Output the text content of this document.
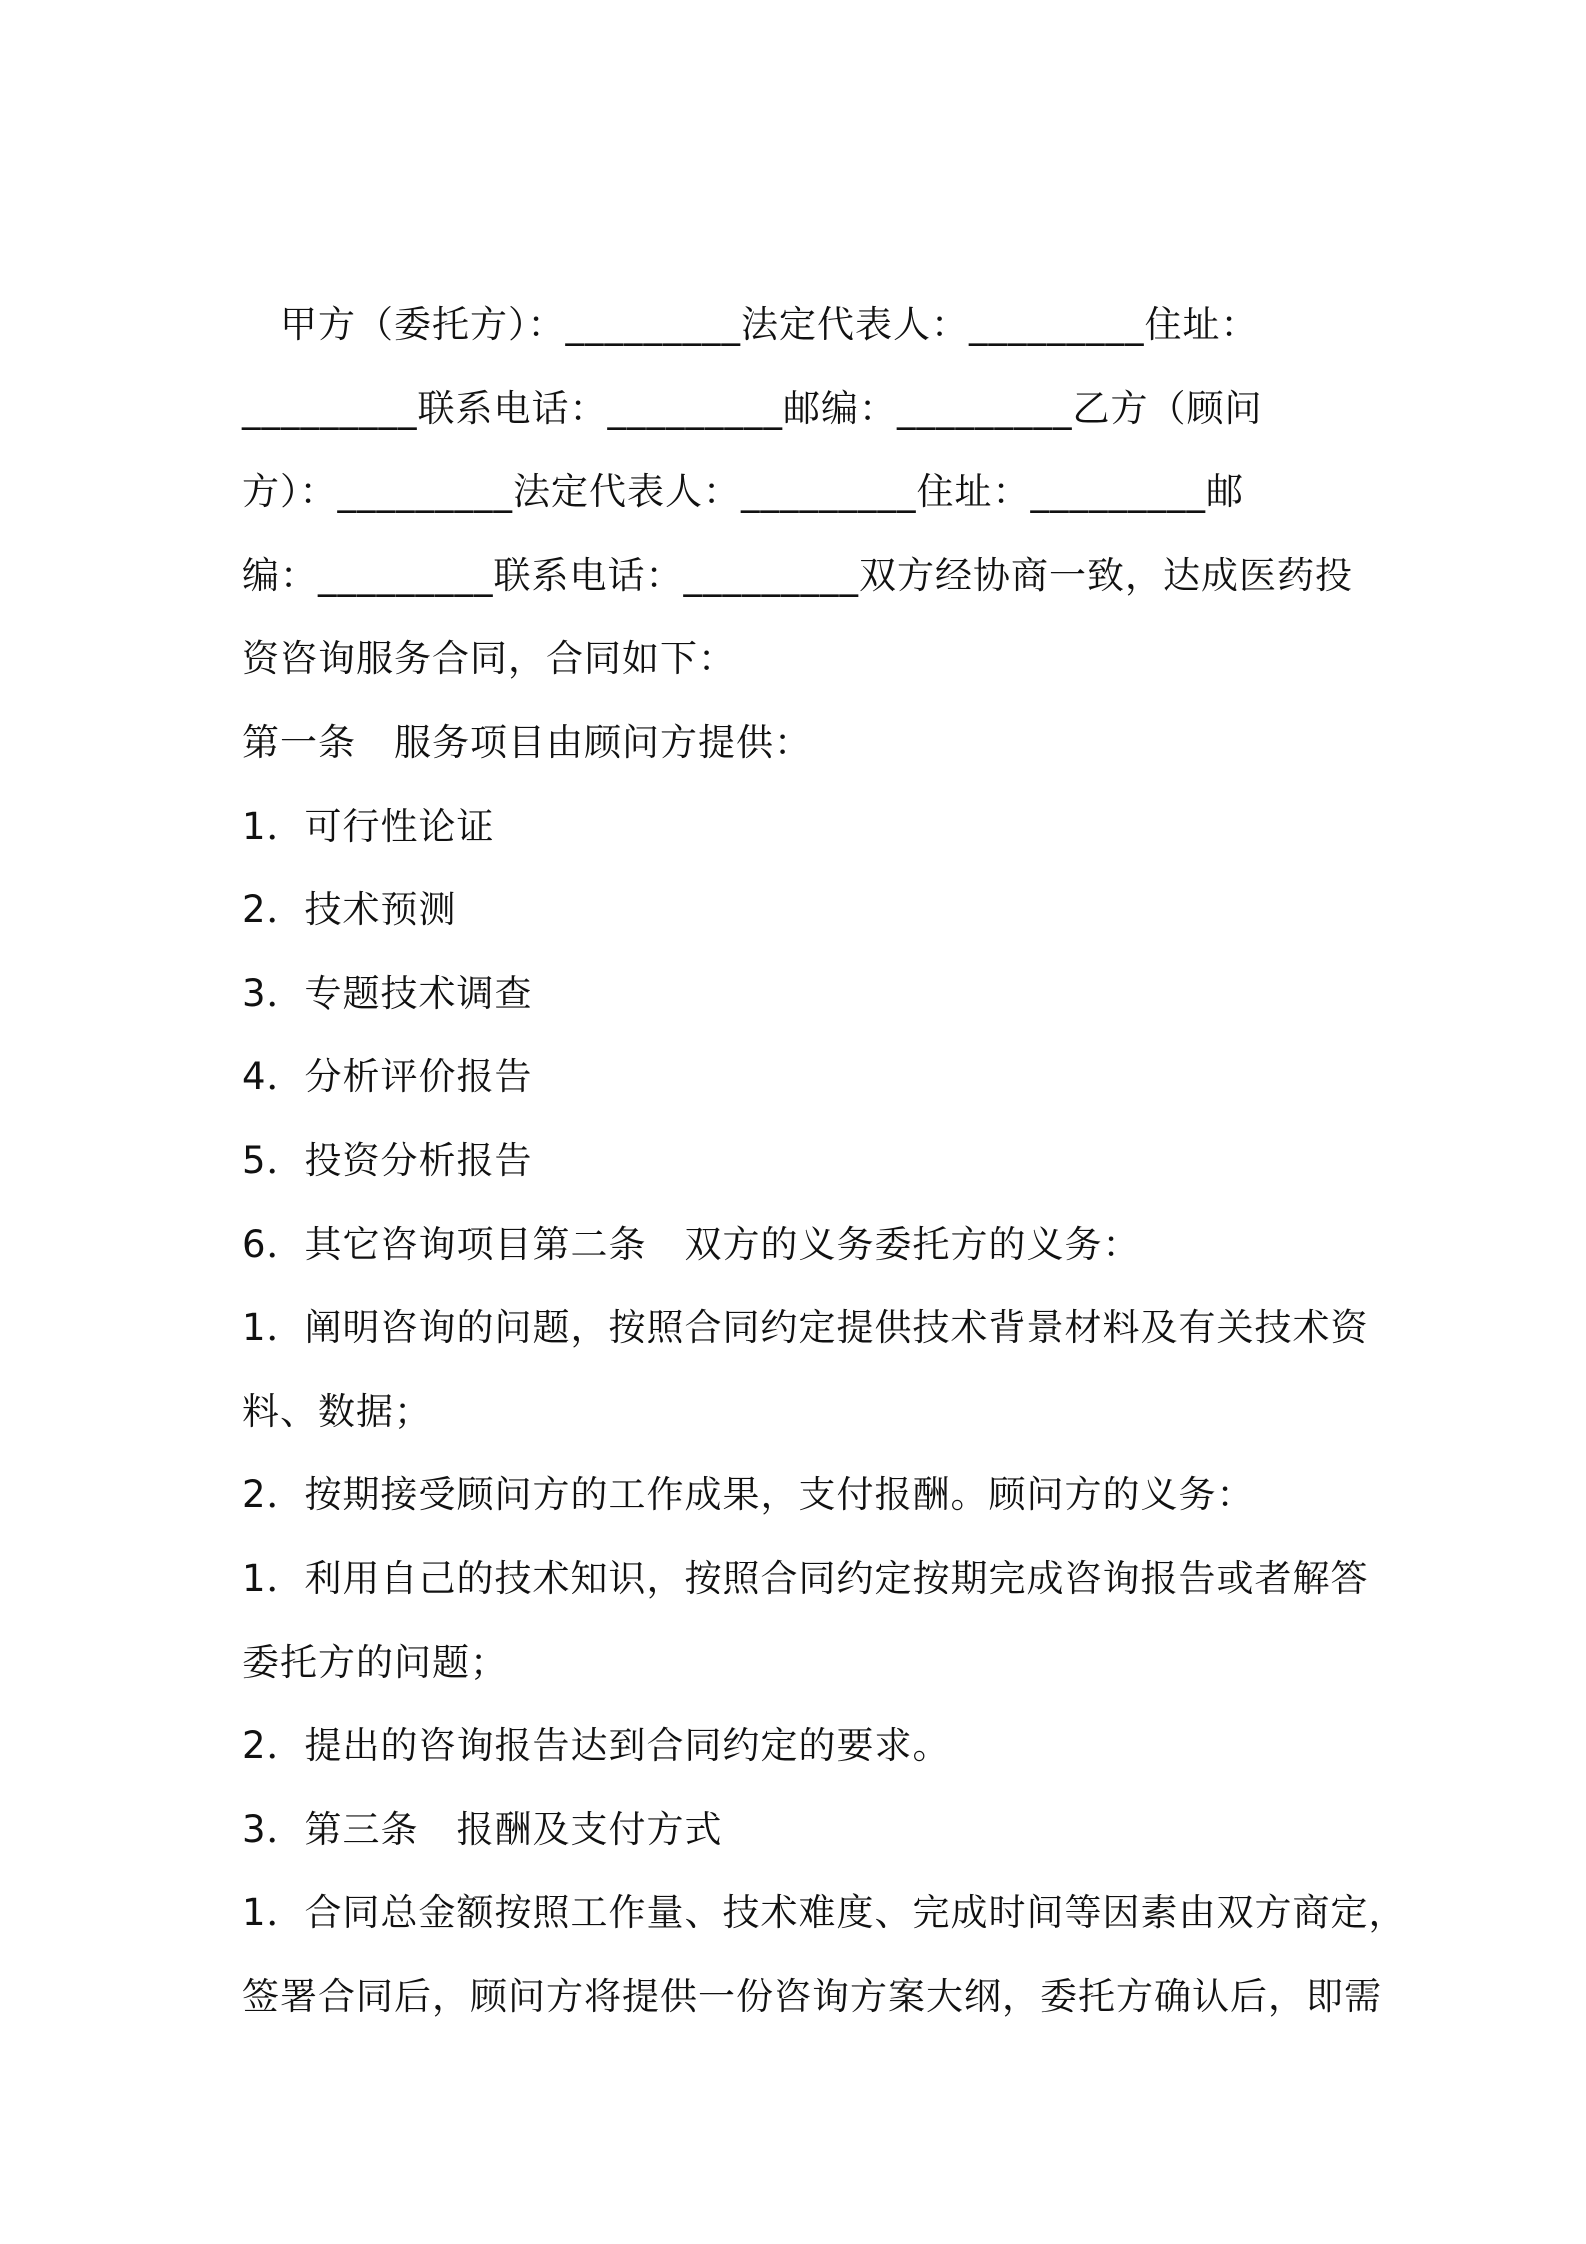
　甲方（委托方）：_________法定代表人：_________住址：
_________联系电话：_________邮编：_________乙方（顾问
方）：_________法定代表人：_________住址：_________邮
编：_________联系电话：_________双方经协商一致，达成医药投
资咨询服务合同，合同如下：
第一条　服务项目由顾问方提供：
1．可行性论证
2．技术预测
3．专题技术调查
4．分析评价报告
5．投资分析报告
6．其它咨询项目第二条　双方的义务委托方的义务：
1．阐明咨询的问题，按照合同约定提供技术背景材料及有关技术资
料、数据；
2．按期接受顾问方的工作成果，支付报酬。顾问方的义务：
1．利用自己的技术知识，按照合同约定按期完成咨询报告或者解答
委托方的问题；
2．提出的咨询报告达到合同约定的要求。
3．第三条　报酬及支付方式
1．合同总金额按照工作量、技术难度、完成时间等因素由双方商定，
签署合同后，顾问方将提供一份咨询方案大纲，委托方确认后，即需
